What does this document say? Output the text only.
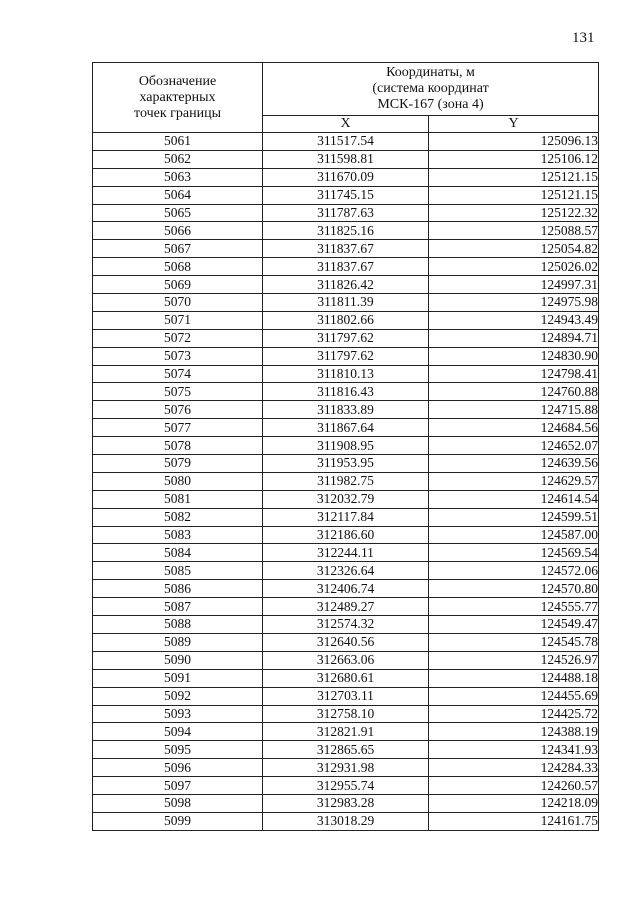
131
Обозначение
характерных
точек границы	Координаты, м
(система координат
МСК-167 (зона 4)	

	X	Y
5061	311517.54	125096.13
5062	311598.81	125106.12
5063	311670.09	125121.15
5064	311745.15	125121.15
5065	311787.63	125122.32
5066	311825.16	125088.57
5067	311837.67	125054.82
5068	311837.67	125026.02
5069	311826.42	124997.31
5070	311811.39	124975.98
5071	311802.66	124943.49
5072	311797.62	124894.71
5073	311797.62	124830.90
5074	311810.13	124798.41
5075	311816.43	124760.88
5076	311833.89	124715.88
5077	311867.64	124684.56
5078	311908.95	124652.07
5079	311953.95	124639.56
5080	311982.75	124629.57
5081	312032.79	124614.54
5082	312117.84	124599.51
5083	312186.60	124587.00
5084	312244.11	124569.54
5085	312326.64	124572.06
5086	312406.74	124570.80
5087	312489.27	124555.77
5088	312574.32	124549.47
5089	312640.56	124545.78
5090	312663.06	124526.97
5091	312680.61	124488.18
5092	312703.11	124455.69
5093	312758.10	124425.72
5094	312821.91	124388.19
5095	312865.65	124341.93
5096	312931.98	124284.33
5097	312955.74	124260.57
5098	312983.28	124218.09
5099	313018.29	124161.75
